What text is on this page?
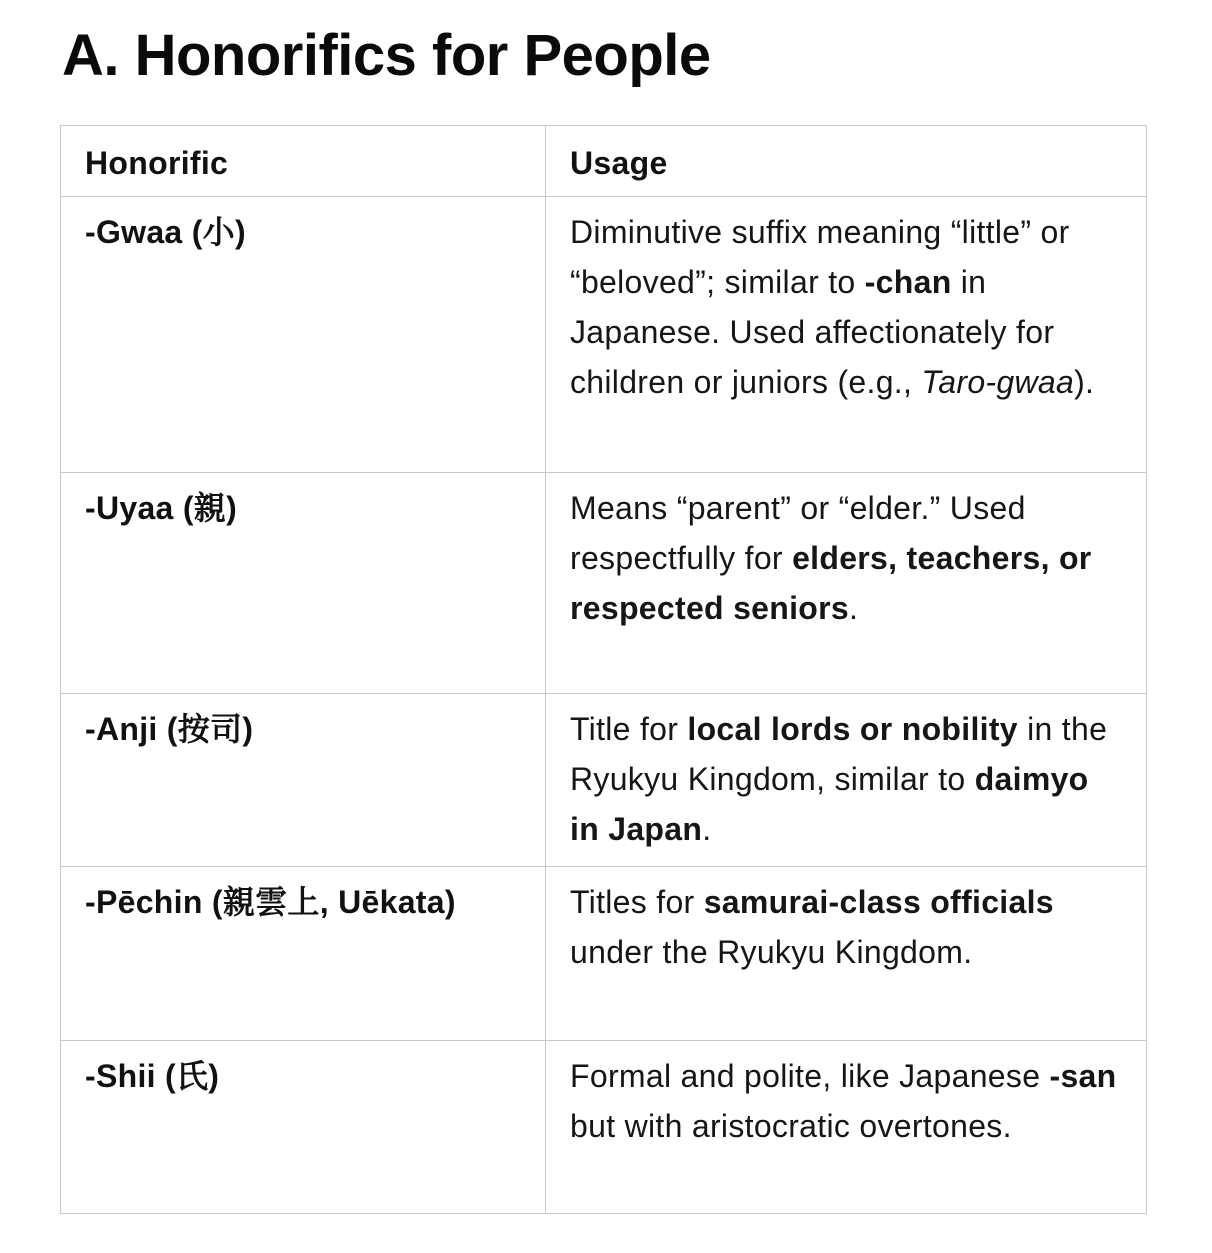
A. Honorifics for People
Honorific	Usage
-Gwaa (小)	Diminutive suffix meaning “little” or “beloved”; similar to -chan in Japanese. Used affectionately for children or juniors (e.g., Taro-gwaa).
-Uyaa (親)	Means “parent” or “elder.” Used respectfully for elders, teachers, or respected seniors.
-Anji (按司)	Title for local lords or nobility in the Ryukyu Kingdom, similar to daimyo in Japan.
-Pēchin (親雲上, Uēkata)	Titles for samurai-class officials under the Ryukyu Kingdom.
-Shii (氏)	Formal and polite, like Japanese -san but with aristocratic overtones.
